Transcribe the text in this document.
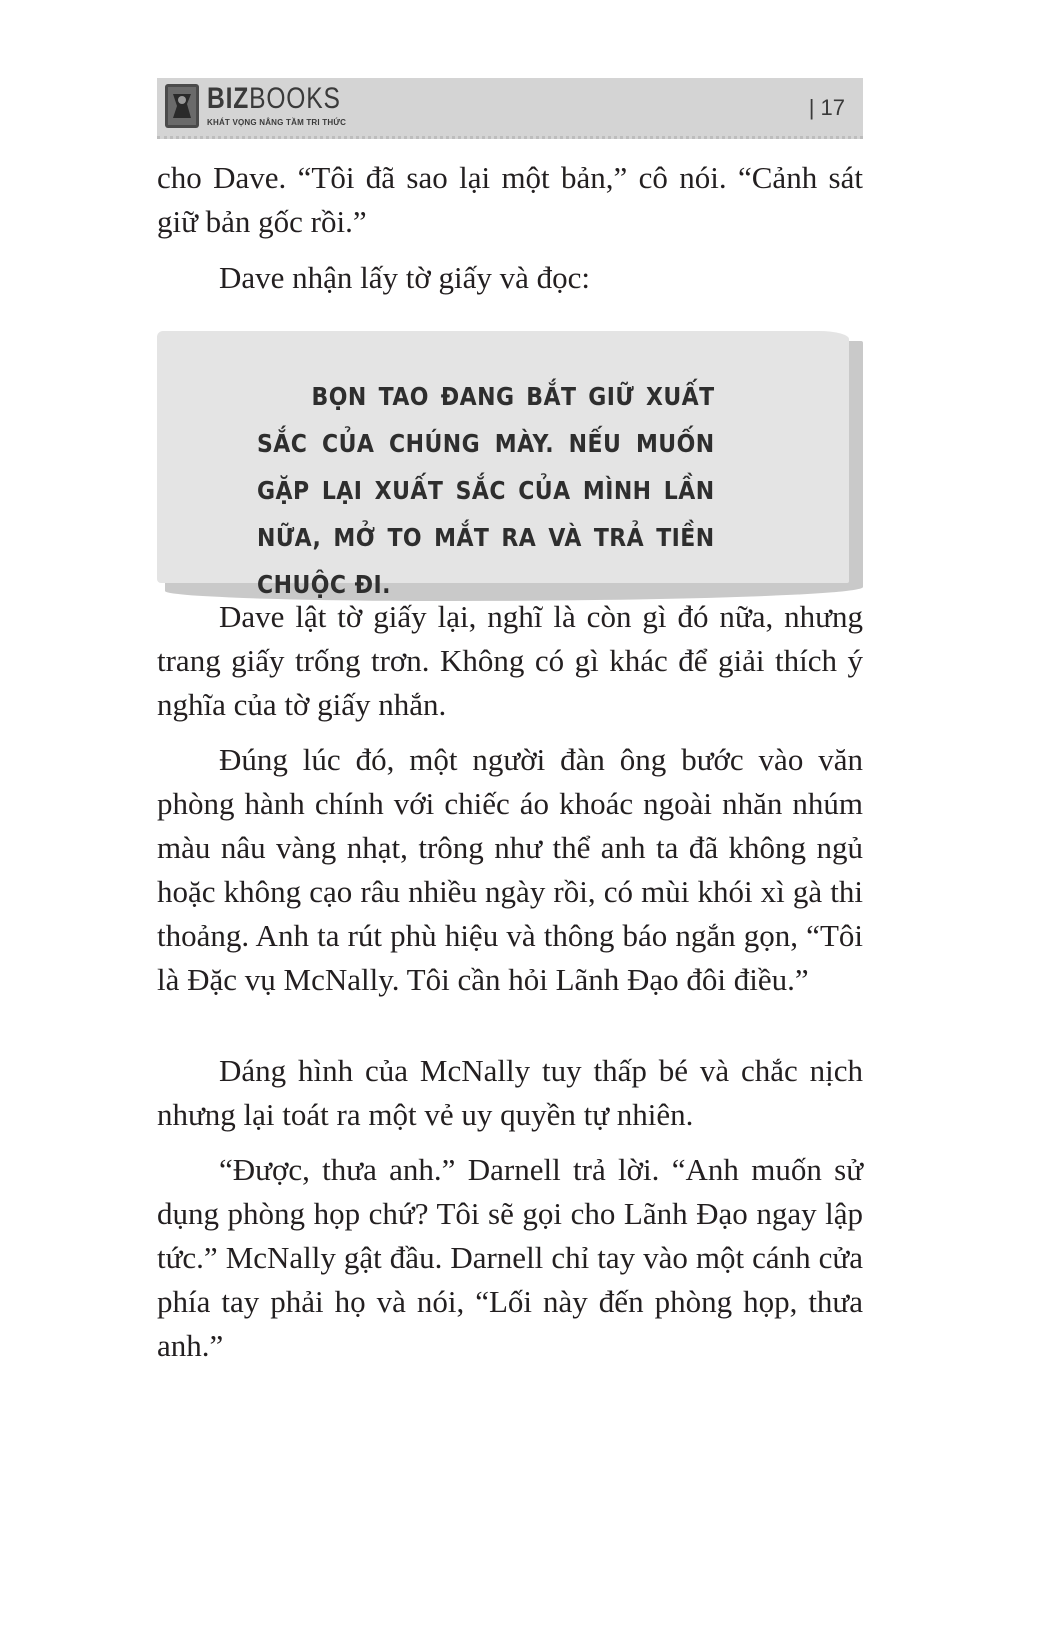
BIZBOOKS
KHÁT VỌNG NÂNG TẦM TRI THỨC
| 17

cho Dave. “Tôi đã sao lại một bản,” cô nói. “Cảnh sát giữ bản gốc rồi.”

Dave nhận lấy tờ giấy và đọc:

BỌN TAO ĐANG BẮT GIỮ XUẤT SẮC CỦA CHÚNG MÀY. NẾU MUỐN GẶP LẠI XUẤT SẮC CỦA MÌNH LẦN NỮA, MỞ TO MẮT RA VÀ TRẢ TIỀN CHUỘC ĐI.

Dave lật tờ giấy lại, nghĩ là còn gì đó nữa, nhưng trang giấy trống trơn. Không có gì khác để giải thích ý nghĩa của tờ giấy nhắn.

Đúng lúc đó, một người đàn ông bước vào văn phòng hành chính với chiếc áo khoác ngoài nhăn nhúm màu nâu vàng nhạt, trông như thể anh ta đã không ngủ hoặc không cạo râu nhiều ngày rồi, có mùi khói xì gà thi thoảng. Anh ta rút phù hiệu và thông báo ngắn gọn, “Tôi là Đặc vụ McNally. Tôi cần hỏi Lãnh Đạo đôi điều.”

Dáng hình của McNally tuy thấp bé và chắc nịch nhưng lại toát ra một vẻ uy quyền tự nhiên.

“Được, thưa anh.” Darnell trả lời. “Anh muốn sử dụng phòng họp chứ? Tôi sẽ gọi cho Lãnh Đạo ngay lập tức.” McNally gật đầu. Darnell chỉ tay vào một cánh cửa phía tay phải họ và nói, “Lối này đến phòng họp, thưa anh.”
